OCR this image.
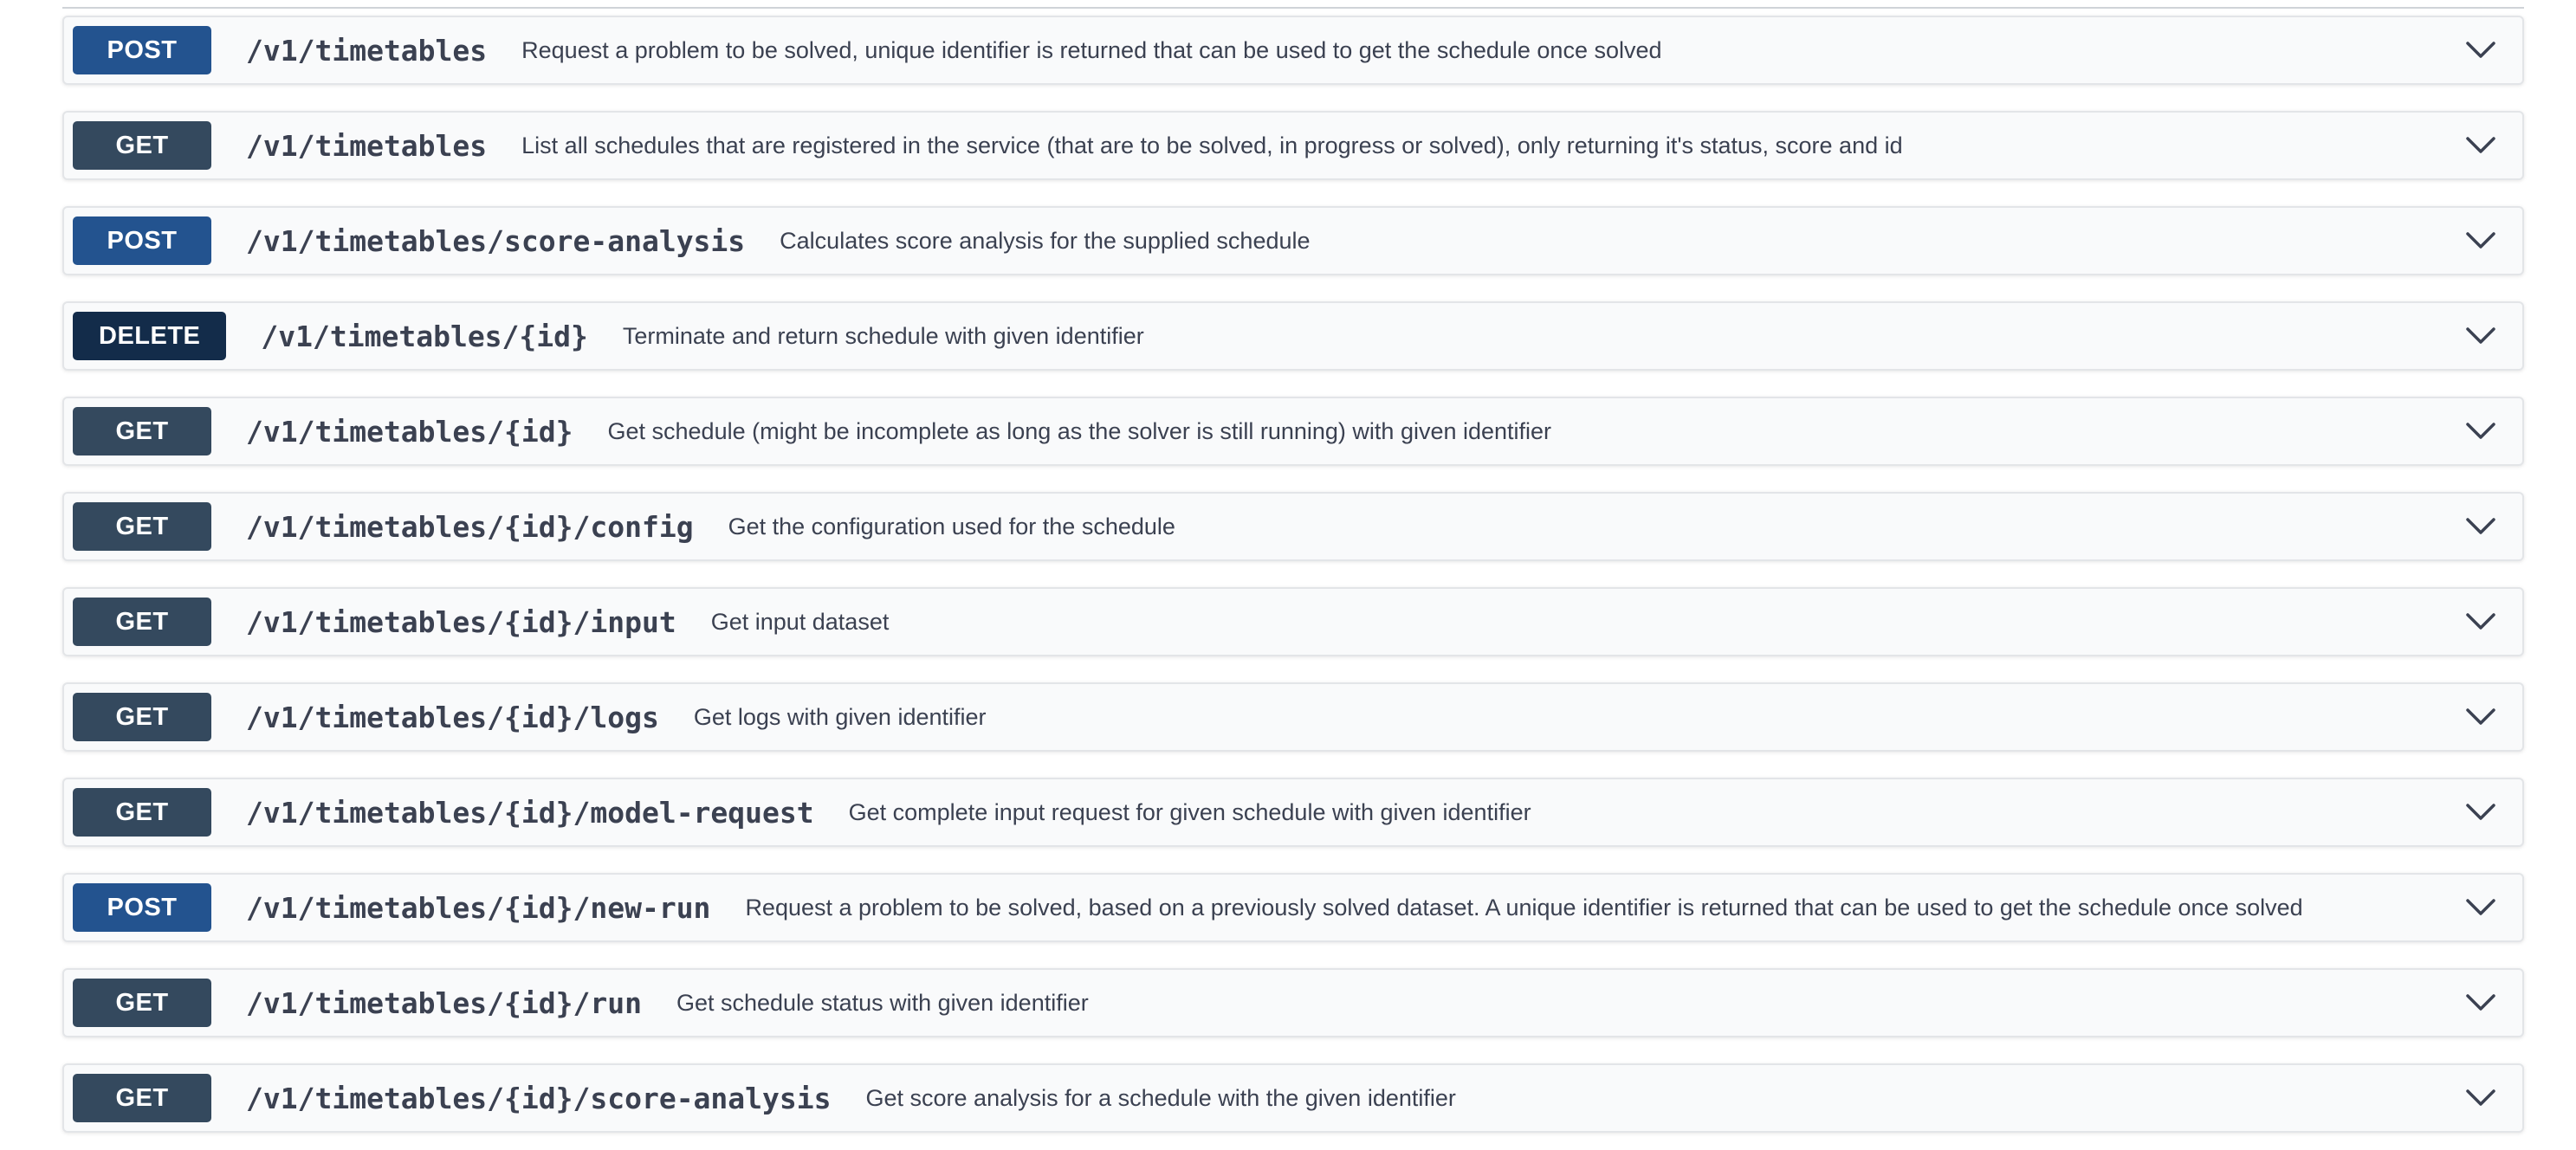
POST	/v1/timetables Request a problem to be solved, unique identifier is returned that can be used to get the schedule once solved
GET	/v1/timetables List all schedules that are registered in the service (that are to be solved, in progress or solved), only returning it's status, score and id
POST	/v1/timetables/score-analysis Calculates score analysis for the supplied schedule
DELETE	/v1/timetables/{id} Terminate and return schedule with given identifier
GET	/v1/timetables/{id} Get schedule (might be incomplete as long as the solver is still running) with given identifier
GET	/v1/timetables/{id}/config Get the configuration used for the schedule
GET	/v1/timetables/{id}/input Get input dataset
GET	/v1/timetables/{id}/logs Get logs with given identifier
GET	/v1/timetables/{id}/model-request Get complete input request for given schedule with given identifier
POST	/v1/timetables/{id}/new-run Request a problem to be solved, based on a previously solved dataset. A unique identifier is returned that can be used to get the schedule once solved
GET	/v1/timetables/{id}/run Get schedule status with given identifier
GET	/v1/timetables/{id}/score-analysis Get score analysis for a schedule with the given identifier
